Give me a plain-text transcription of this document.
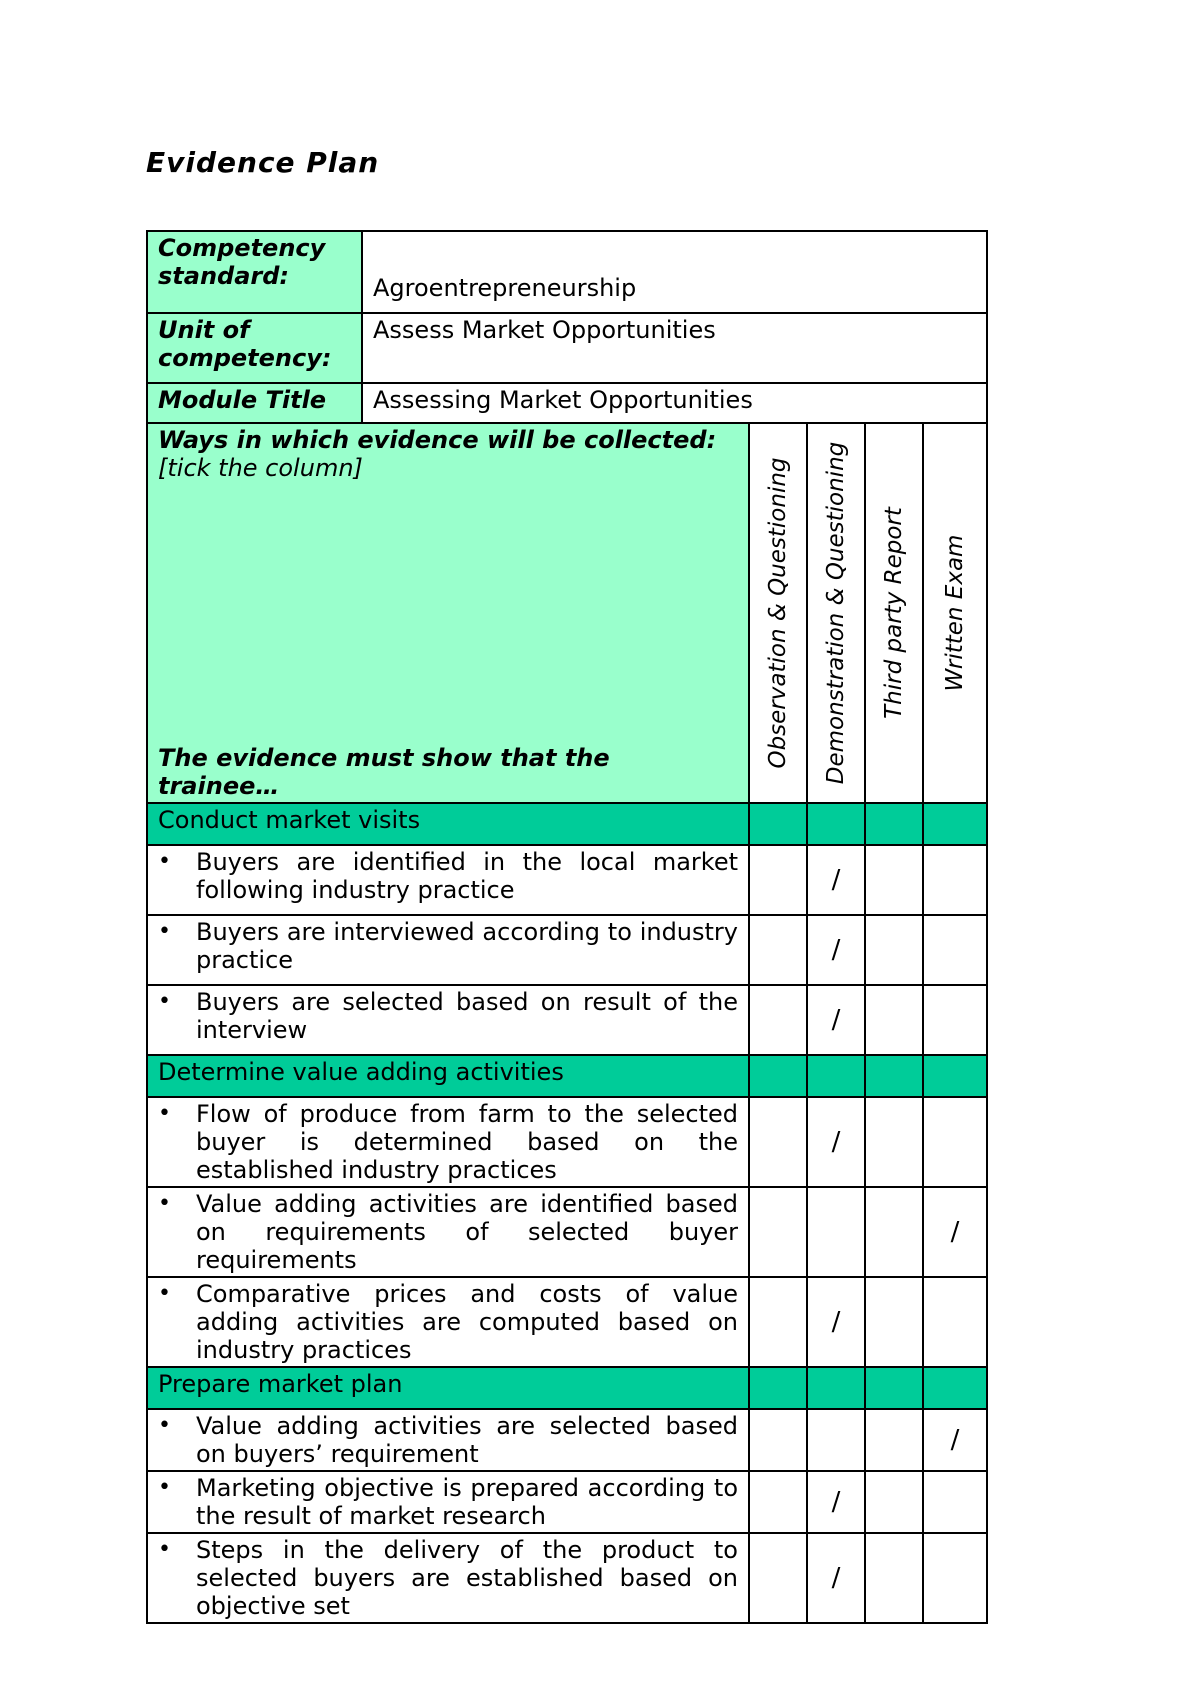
Evidence Plan
Competency standard:	Agroentrepreneurship				
Unit of competency:	Assess Market Opportunities				
Module Title	Assessing Market Opportunities				

Ways in which evidence will be collected:
[tick the column]
The evidence must show that the trainee…		Observation & Questioning	Demonstration & Questioning	Third party Report	Written Exam

Conduct market visits					

• Buyers are identified in the local market following industry practice			/		

• Buyers are interviewed according to industry practice			/		

• Buyers are selected based on result of the interview			/		
Determine value adding activities					

• Flow of produce from farm to the selected buyer is determined based on the established industry practices			/		

• Value adding activities are identified based on requirements of selected buyer requirements					/

• Comparative prices and costs of value adding activities are computed based on industry practices			/		
Prepare market plan					

• Value adding activities are selected based on buyers’ requirement					/

• Marketing objective is prepared according to the result of market research			/		

• Steps in the delivery of the product to selected buyers are established based on objective set			/		
